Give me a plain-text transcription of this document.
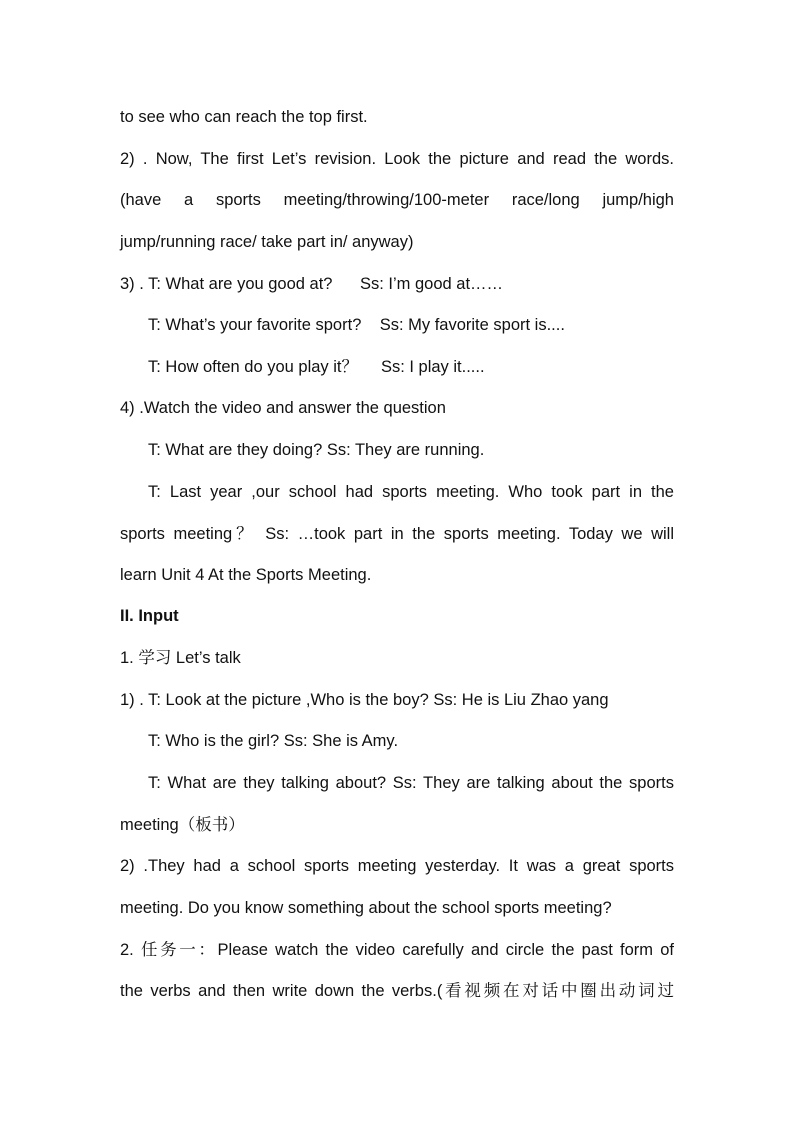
to see who can reach the top first.
2) . Now, The first Let’s revision. Look the picture and read the words.
(have a sports meeting/throwing/100-meter race/long jump/high
jump/running race/ take part in/ anyway)
3) . T: What are you good at?      Ss: I’m good at……
T: What’s your favorite sport?    Ss: My favorite sport is....
T: How often do you play it？     Ss: I play it.....
4) .Watch the video and answer the question
T: What are they doing? Ss: They are running.
T: Last year ,our school had sports meeting. Who took part in the
sports meeting？ Ss: …took part in the sports meeting. Today we will
learn Unit 4 At the Sports Meeting.
II. Input
1. 学习 Let’s talk
1) . T: Look at the picture ,Who is the boy? Ss: He is Liu Zhao yang
T: Who is the girl? Ss: She is Amy.
T: What are they talking about? Ss: They are talking about the sports
meeting（板书）
2) .They had a school sports meeting yesterday. It was a great sports
meeting. Do you know something about the school sports meeting?
2. 任务一：Please watch the video carefully and circle the past form of
the verbs and then write down the verbs.(看视频在对话中圈出动词过
